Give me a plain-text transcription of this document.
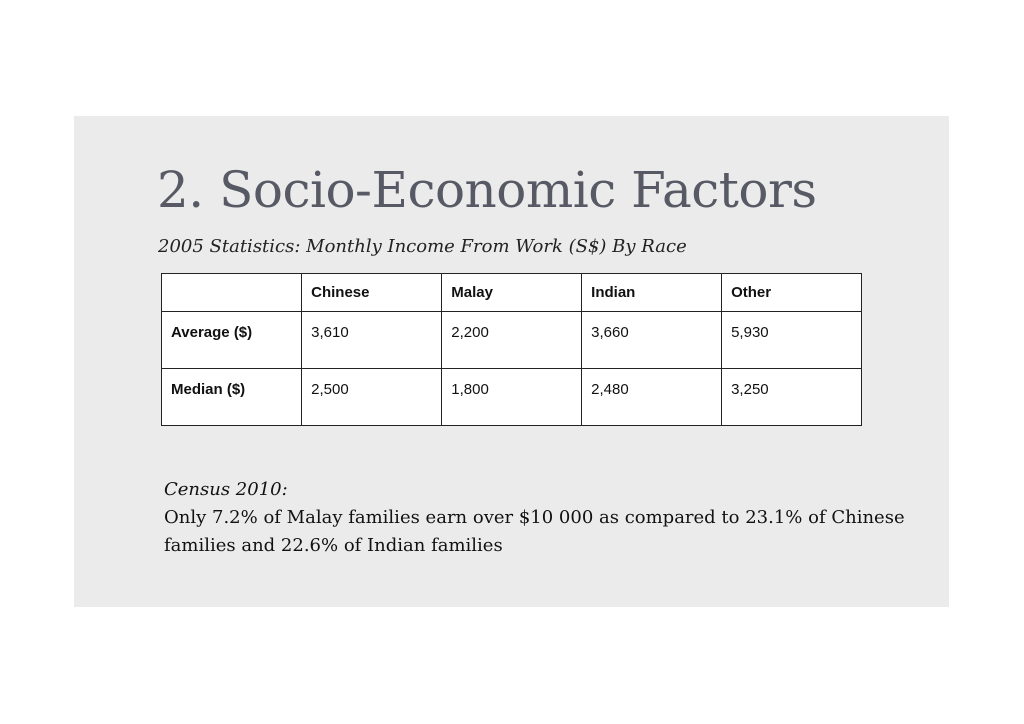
2. Socio-Economic Factors

2005 Statistics: Monthly Income From Work (S$) By Race

	Chinese	Malay	Indian	Other
Average ($)	3,610	2,200	3,660	5,930
Median ($)	2,500	1,800	2,480	3,250
Census 2010:
Only 7.2% of Malay families earn over $10 000 as compared to 23.1% of Chinese families and 22.6% of Indian families
